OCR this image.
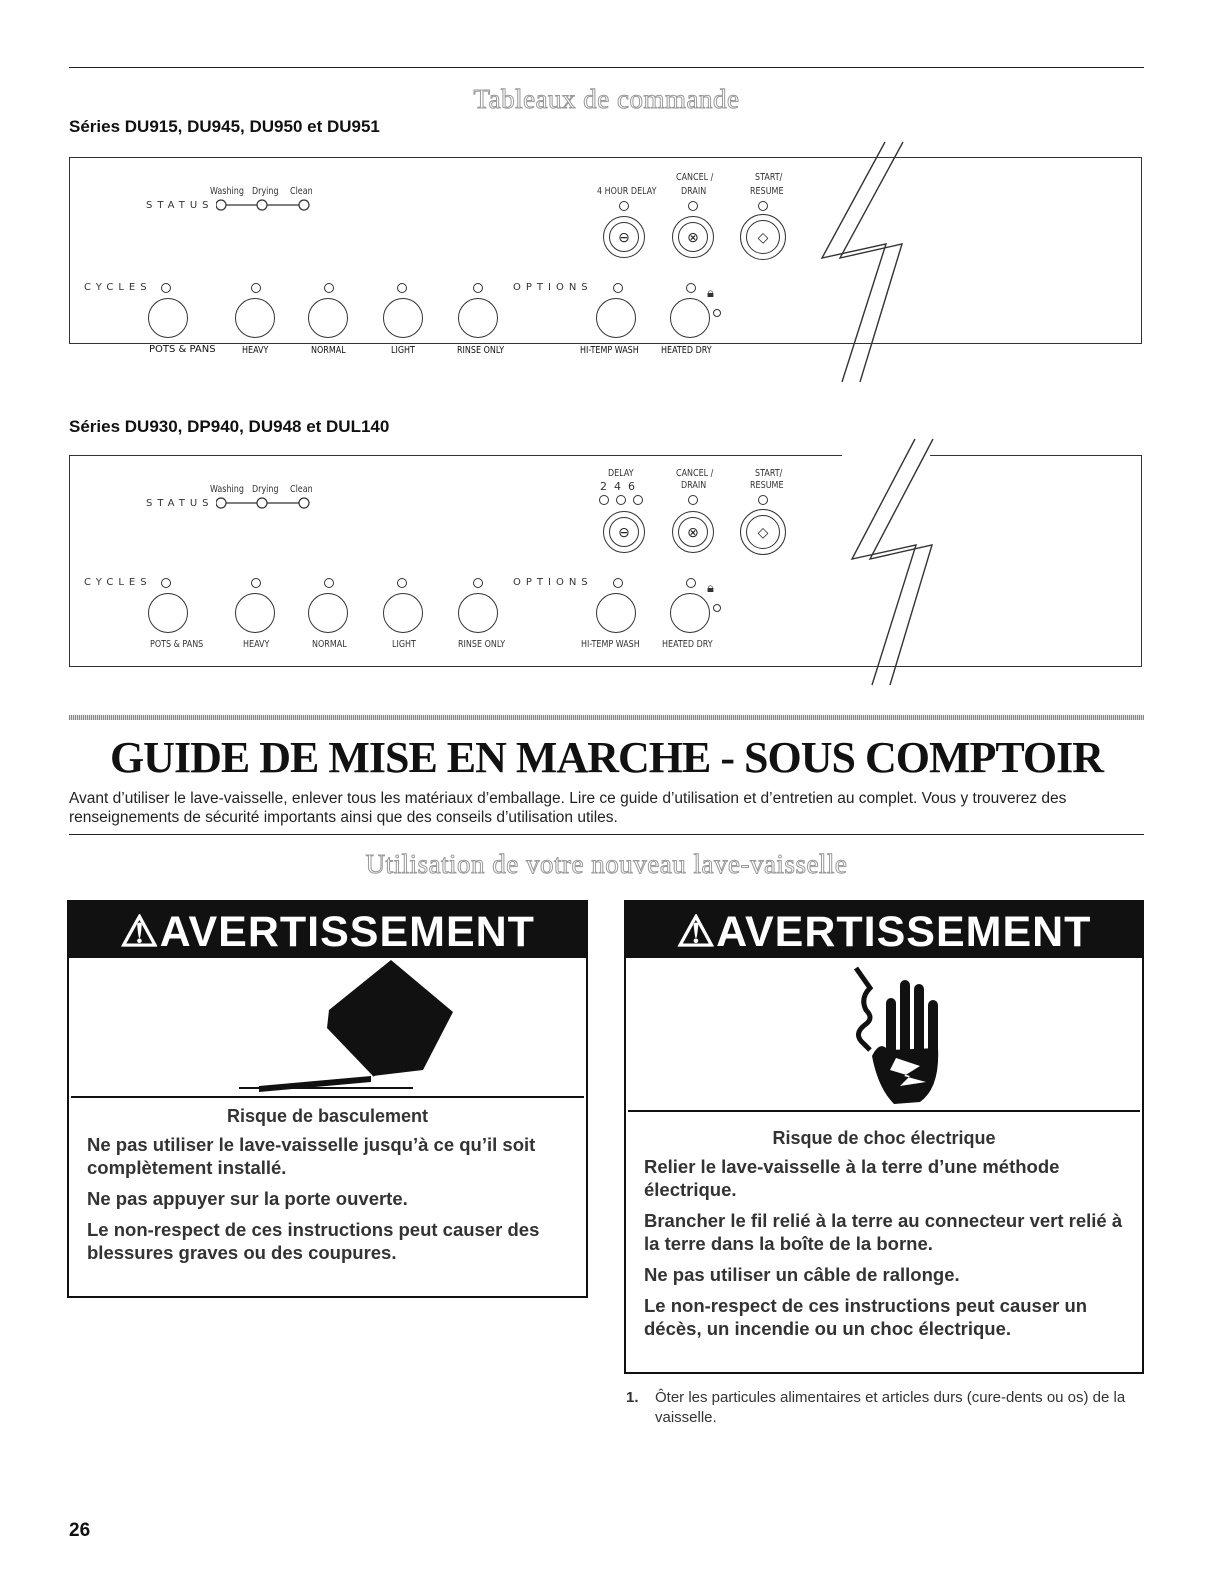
Tableaux de commande
Séries DU915, DU945, DU950 et DU951
Washing Drying Clean
STATUS
4 HOUR DELAY
CANCEL /
DRAIN
START/
RESUME
⊖	⊗	◇
CYCLES	OPTIONS	🔒︎
POTS & PANS
Séries DU930, DP940, DU948 et DUL140
Washing Drying Clean
STATUS
DELAY
2  4  6
CANCEL /
DRAIN
START/
RESUME
⊖	⊗	◇
CYCLES	OPTIONS	🔒︎
POTS & PANS	HEAVY	NORMAL	LIGHT	RINSE ONLY	HI-TEMP WASH HEATED DRY
HEAVY	NORMAL	LIGHT	RINSE ONLY	HI-TEMP WASH HEATED DRY
GUIDE DE MISE EN MARCHE - SOUS COMPTOIR
Avant d’utiliser le lave-vaisselle, enlever tous les matériaux d’emballage. Lire ce guide d’utilisation et d’entretien au complet. Vous y trouverez des renseignements de sécurité importants ainsi que des conseils d’utilisation utiles.
Utilisation de votre nouveau lave-vaisselle
⚠AVERTISSEMENT
Risque de basculement

Ne pas utiliser le lave-vaisselle jusqu’à ce qu’il soit complètement installé.

Ne pas appuyer sur la porte ouverte.

Le non-respect de ces instructions peut causer des blessures graves ou des coupures.

⚠AVERTISSEMENT
Risque de choc électrique

Relier le lave-vaisselle à la terre d’une méthode électrique.

Brancher le fil relié à la terre au connecteur vert relié à la terre dans la boîte de la borne.

Ne pas utiliser un câble de rallonge.

Le non-respect de ces instructions peut causer un décès, un incendie ou un choc électrique.

1.	Ôter les particules alimentaires et articles durs (cure-dents ou os) de la vaisselle.
26
